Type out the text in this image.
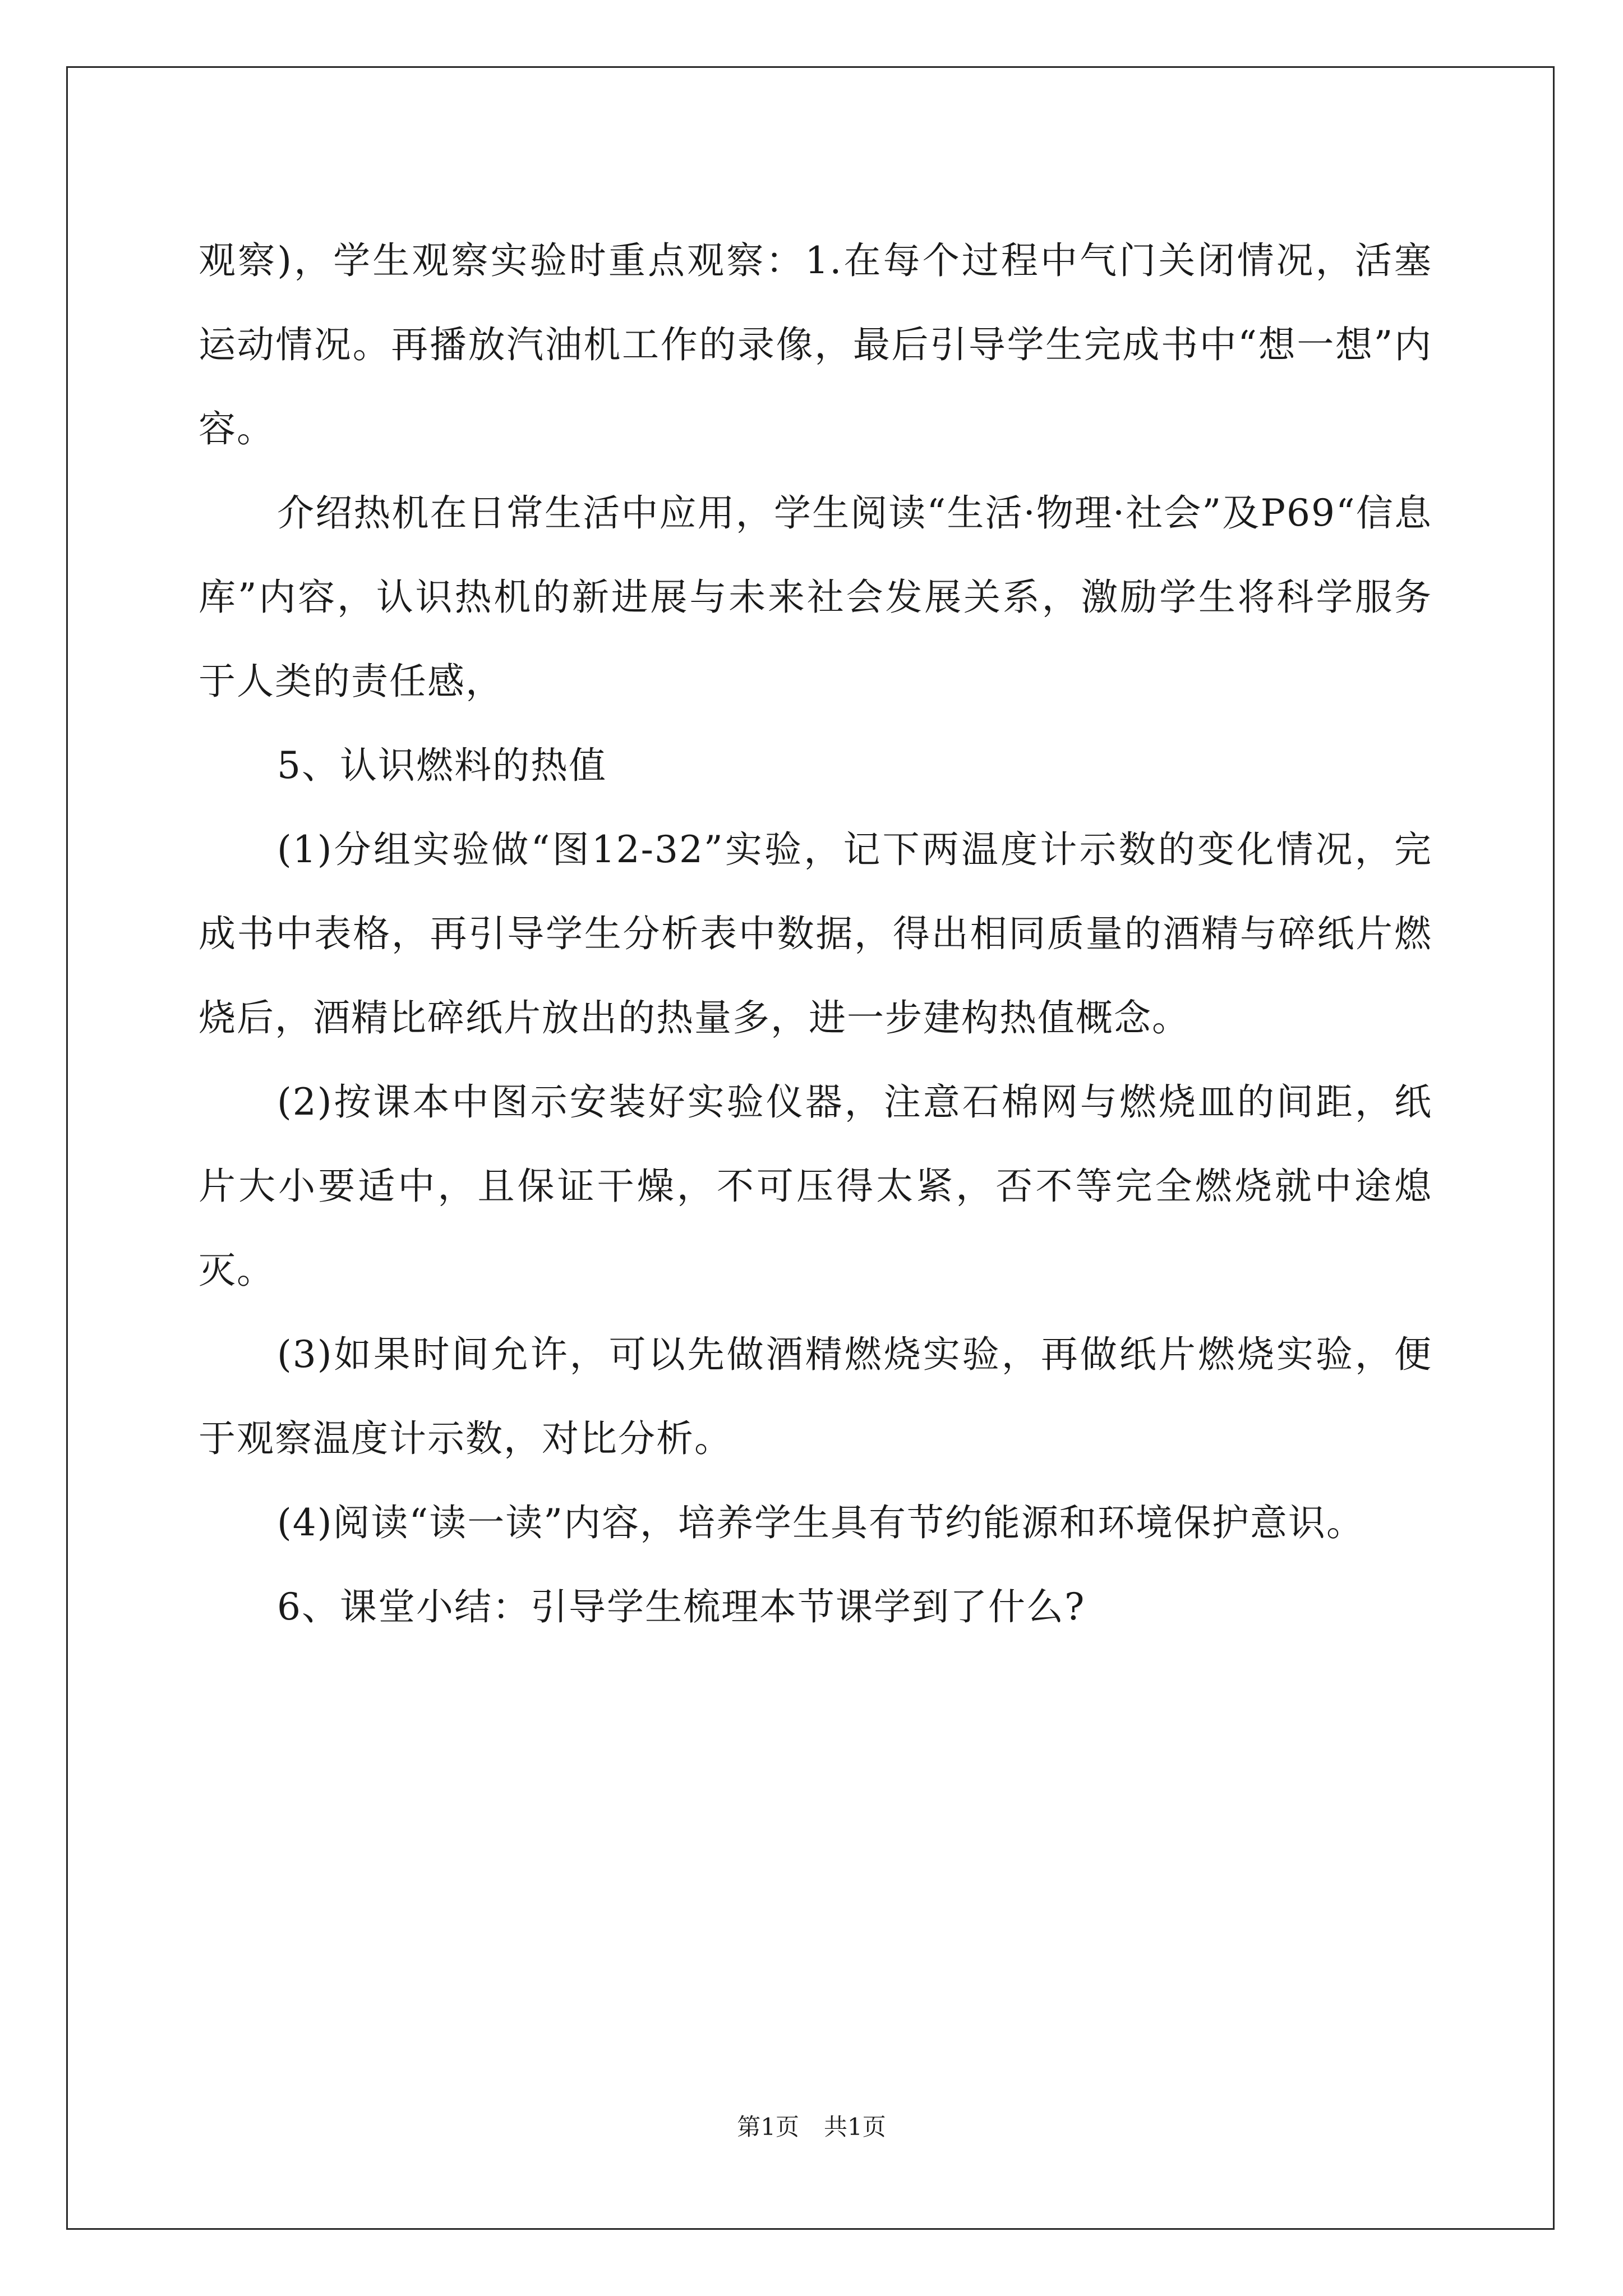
观察)，学生观察实验时重点观察：1.在每个过程中气门关闭情况，活塞运动情况。再播放汽油机工作的录像，最后引导学生完成书中“想一想”内容。

介绍热机在日常生活中应用，学生阅读“生活·物理·社会”及P69“信息库”内容，认识热机的新进展与未来社会发展关系，激励学生将科学服务于人类的责任感，

5、认识燃料的热值

(1)分组实验做“图12-32”实验，记下两温度计示数的变化情况，完成书中表格，再引导学生分析表中数据，得出相同质量的酒精与碎纸片燃烧后，酒精比碎纸片放出的热量多，进一步建构热值概念。

(2)按课本中图示安装好实验仪器，注意石棉网与燃烧皿的间距，纸片大小要适中，且保证干燥，不可压得太紧，否不等完全燃烧就中途熄灭。

(3)如果时间允许，可以先做酒精燃烧实验，再做纸片燃烧实验，便于观察温度计示数，对比分析。

(4)阅读“读一读”内容，培养学生具有节约能源和环境保护意识。

6、课堂小结：引导学生梳理本节课学到了什么?

第1页 共1页
